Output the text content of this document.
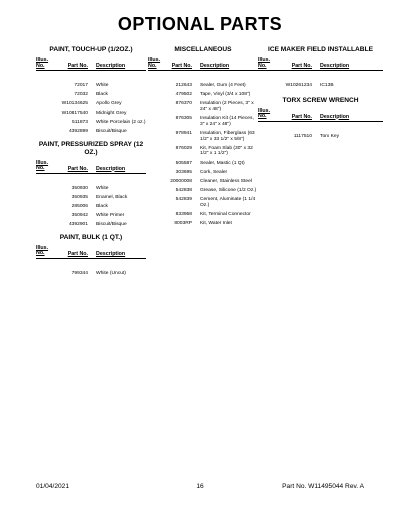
OPTIONAL PARTS
PAINT, TOUCH-UP (1/2OZ.)
Illus.
No.	Part No. Description
72017 White
72032 Black
W10134625 Apollo Grey
W10817540 Midnight Grey
511873 White Porcelain (2 oz.)
4392899 Biscuit/Bisque
PAINT, PRESSURIZED SPRAY (12 OZ.)
Illus.
No.	Part No. Description
350930 White
350935 Enamel, Black
285006 Black
350942 White Primer
4392901 Biscuit/Bisque
PAINT, BULK (1 QT.)
Illus.
No.	Part No. Description
799344 White (Uncut)
MISCELLANEOUS
Illus.
No.	Part No. Description
212643 Sealer, Gum (4 Feet)
479502 Tape, Vinyl (3/4 x 108")
876370 Insulation (2 Pieces, 3" x 24" x 48")
876305 Insulation Kit (14 Pieces, 3" x 24" x 48")
978941 Insulation, Fiberglass (63 1/2" x 33 1/2" x 5/8")
876029 Kit, Foam Slab (30" x 32 1/2" x 1 1/2")
505587 Sealer, Mastic (1 Qt)
303695 Cork, Sealer
20000008 Cleaner, Stainless Steel
542838 Grease, Silicone (1/2 Oz.)
542839 Cement, Aluminate (1 1/4 Oz.)
833958 Kit, Terminal Connector
8003RP Kit, Water Inlet
ICE MAKER FIELD INSTALLABLE
Illus.
No.	Part No. Description
W10261234 IC13B
TORX SCREW WRENCH
Illus.
No.	Part No. Description
1117510 Torx Key
01/04/2021	16	Part No. W11495044 Rev. A
